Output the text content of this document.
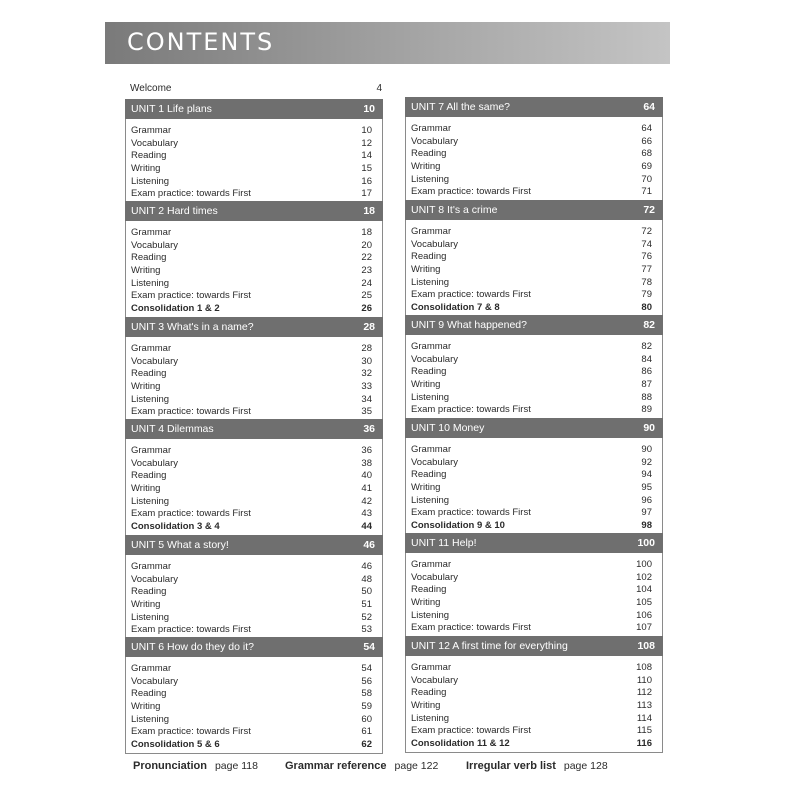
CONTENTS
Welcome	4
UNIT 1 Life plans	10
Grammar	10
Vocabulary	12
Reading	14
Writing	15
Listening	16
Exam practice: towards First	17
UNIT 2 Hard times	18
Grammar	18
Vocabulary	20
Reading	22
Writing	23
Listening	24
Exam practice: towards First	25
Consolidation 1 & 2	26
UNIT 3 What's in a name?	28
Grammar	28
Vocabulary	30
Reading	32
Writing	33
Listening	34
Exam practice: towards First	35
UNIT 4 Dilemmas	36
Grammar	36
Vocabulary	38
Reading	40
Writing	41
Listening	42
Exam practice: towards First	43
Consolidation 3 & 4	44
UNIT 5 What a story!	46
Grammar	46
Vocabulary	48
Reading	50
Writing	51
Listening	52
Exam practice: towards First	53
UNIT 6 How do they do it?	54
Grammar	54
Vocabulary	56
Reading	58
Writing	59
Listening	60
Exam practice: towards First	61
Consolidation 5 & 6	62
UNIT 7 All the same?	64
Grammar	64
Vocabulary	66
Reading	68
Writing	69
Listening	70
Exam practice: towards First	71
UNIT 8 It's a crime	72
Grammar	72
Vocabulary	74
Reading	76
Writing	77
Listening	78
Exam practice: towards First	79
Consolidation 7 & 8	80
UNIT 9 What happened?	82
Grammar	82
Vocabulary	84
Reading	86
Writing	87
Listening	88
Exam practice: towards First	89
UNIT 10 Money	90
Grammar	90
Vocabulary	92
Reading	94
Writing	95
Listening	96
Exam practice: towards First	97
Consolidation 9 & 10	98
UNIT 11 Help!	100
Grammar	100
Vocabulary	102
Reading	104
Writing	105
Listening	106
Exam practice: towards First	107
UNIT 12 A first time for everything	108
Grammar	108
Vocabulary	110
Reading	112
Writing	113
Listening	114
Exam practice: towards First	115
Consolidation 11 & 12	116
Pronunciation page 118 Grammar reference page 122	Irregular verb list page 128
